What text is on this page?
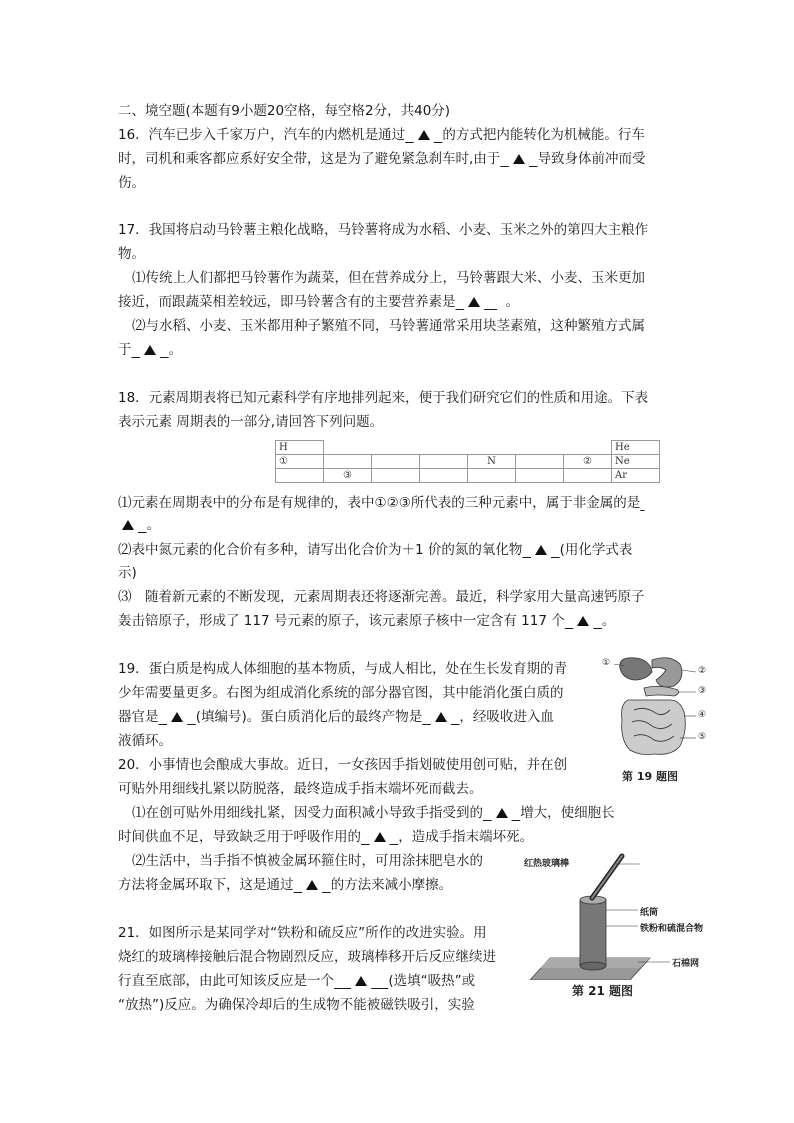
二、境空题(本题有9小题20空格，每空格2分，共40分)
16．汽车已步入千家万户，汽车的内燃机是通过	的方式把内能转化为机械能。行车
时，司机和乘客都应系好安全带，这是为了避免紧急刹车时,由于	导致身体前冲而受
伤。
17．我国将启动马铃薯主粮化战略，马铃薯将成为水稻、小麦、玉米之外的第四大主粮作
物。
⑴传统上人们都把马铃薯作为蔬菜，但在营养成分上，马铃薯跟大米、小麦、玉米更加
接近，而跟蔬菜相差较远，即马铃薯含有的主要营养素是	。
⑵与水稻、小麦、玉米都用种子繁殖不同，马铃薯通常采用块茎素殖，这种繁殖方式属
于	。
18．元素周期表将已知元素科学有序地排列起来，便于我们研究它们的性质和用途。下表
表示元素 周期表的一部分,请回答下列问题。
H							He
①				N		②	Ne
	③						Ar
⑴元素在周期表中的分布是有规律的，表中①②③所代表的三种元素中，属于非金属的是
。
⑵表中氮元素的化合价有多种，请写出化合价为＋1 价的氮的氧化物	(用化学式表
示)
⑶　随着新元素的不断发现，元素周期表还将逐渐完善。最近，科学家用大量高速钙原子
轰击锫原子，形成了 117 号元素的原子，该元素原子核中一定含有 117 个	。
19．蛋白质是构成人体细胞的基本物质，与成人相比，处在生长发育期的青
少年需要量更多。右图为组成消化系统的部分器官图，其中能消化蛋白质的
器官是	(填编号)。蛋白质消化后的最终产物是	，经吸收进入血
液循环。
①
②
③
④
⑤
第 19 题图
20．小事情也会酿成大事故。近日，一女孩因手指划破使用创可贴，并在创
可贴外用细线扎紧以防脱落，最终造成手指末端坏死而截去。
⑴在创可贴外用细线扎紧，因受力面积减小导致手指受到的	增大，使细胞长
时间供血不足，导致缺乏用于呼吸作用的	，造成手指末端坏死。
⑵生活中，当手指不慎被金属环箍住时，可用涂抹肥皂水的
方法将金属环取下，这是通过	的方法来减小摩擦。
21．如图所示是某同学对“铁粉和硫反应”所作的改进实验。用
烧红的玻璃棒接触后混合物剧烈反应，玻璃棒移开后反应继续进
行直至底部，由此可知该反应是一个	(选填“吸热”或
“放热”)反应。为确保冷却后的生成物不能被磁铁吸引，实验
红热玻璃棒
纸筒
铁粉和硫混合物
石棉网
第 21 题图
